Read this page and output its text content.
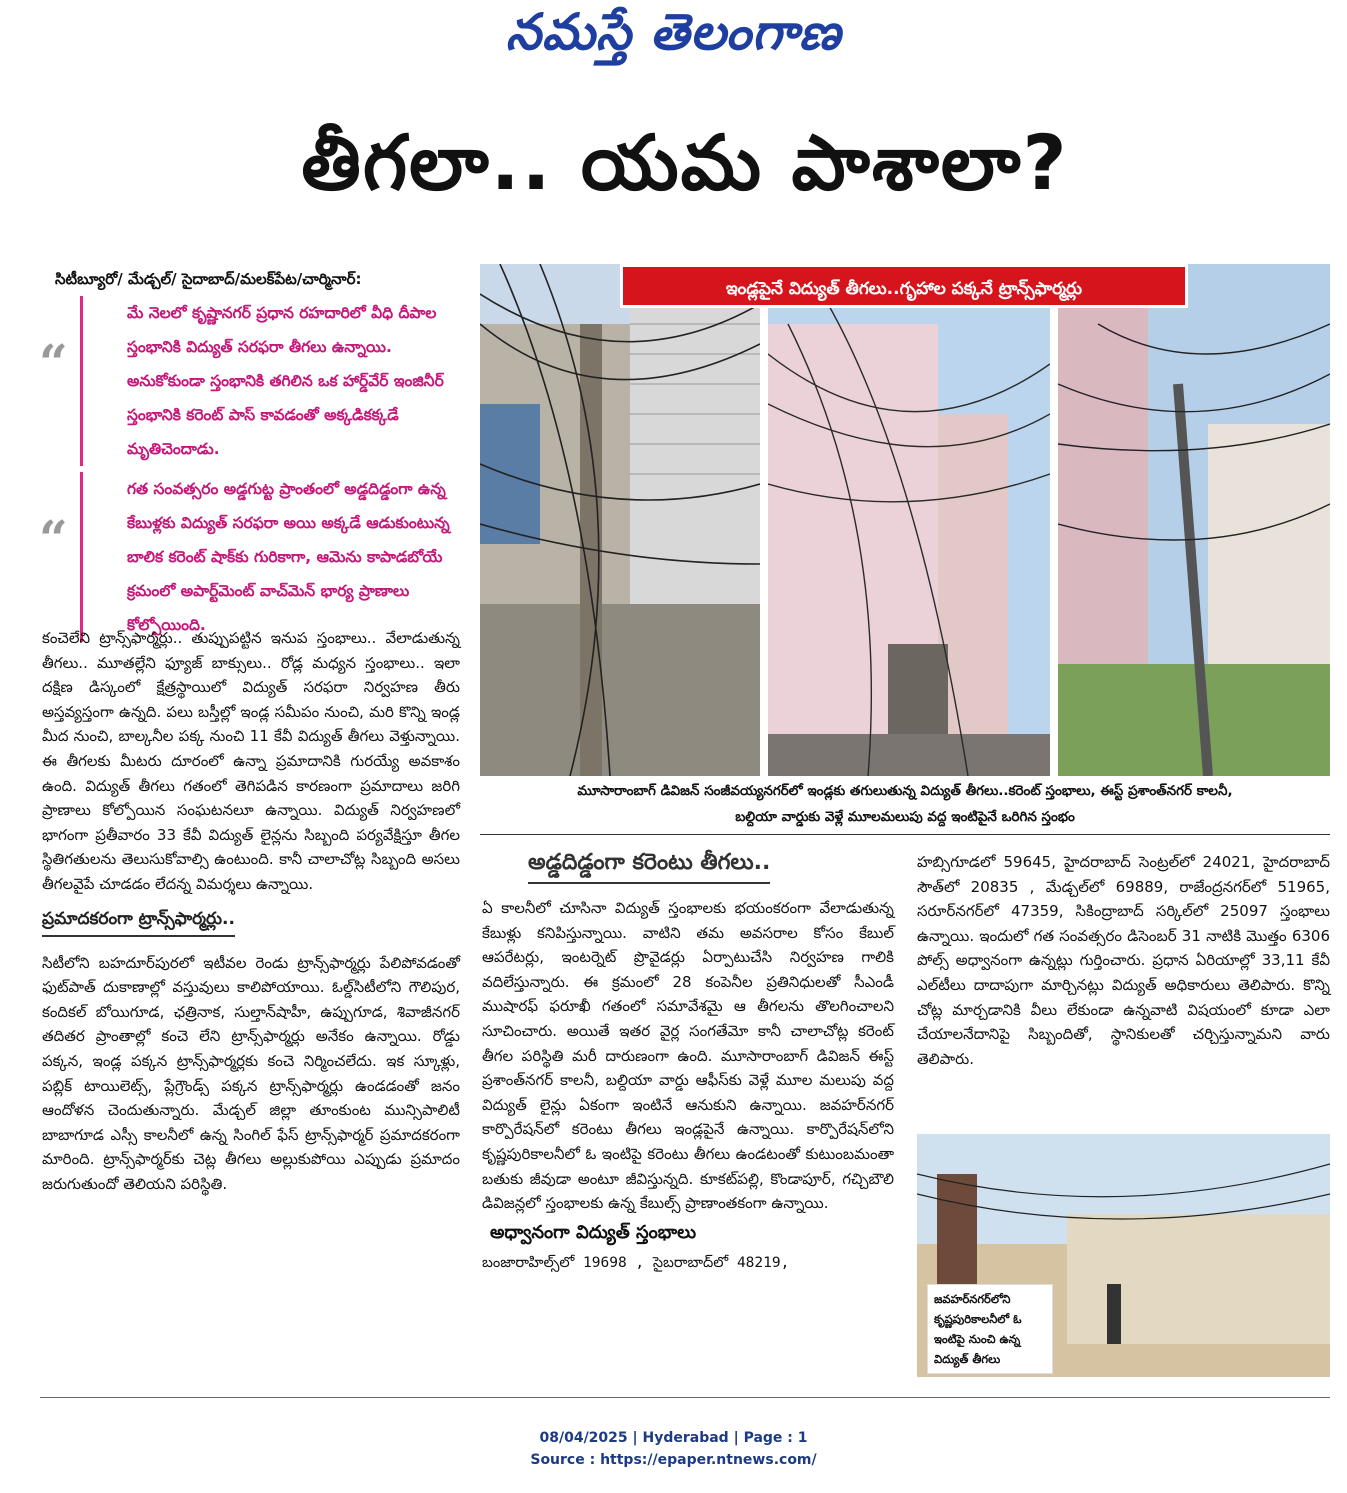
నమస్తే తెలంగాణ
తీగలా.. యమ పాశాలా?
సిటీబ్యూరో/ మేడ్చల్/ సైదాబాద్/మలక్‌పేట/చార్మినార్:
“
మే నెలలో కృష్ణానగర్ ప్రధాన రహదారిలో వీధి దీపాల స్తంభానికి విద్యుత్ సరఫరా తీగలు ఉన్నాయి. అనుకోకుండా స్తంభానికి తగిలిన ఒక హార్డ్‌వేర్ ఇంజినీర్ స్తంభానికి కరెంట్ పాస్ కావడంతో అక్కడికక్కడే మృతిచెందాడు.
“
గత సంవత్సరం అడ్డగుట్ట ప్రాంతంలో అడ్డదిడ్డంగా ఉన్న కేబుళ్లకు విద్యుత్ సరఫరా అయి అక్కడే ఆడుకుంటున్న బాలిక కరెంట్ షాక్‌కు గురికాగా, ఆమెను కాపాడబోయే క్రమంలో అపార్ట్‌మెంట్ వాచ్‌మెన్ భార్య ప్రాణాలు కోల్పోయింది.
కంచెలేని ట్రాన్స్‌ఫార్మర్లు.. తుప్పుపట్టిన ఇనుప స్తంభాలు.. వేలాడుతున్న తీగలు.. మూతల్లేని ఫ్యూజ్ బాక్సులు.. రోడ్ల మధ్యన స్తంభాలు.. ఇలా దక్షిణ డిస్కంలో క్షేత్రస్థాయిలో విద్యుత్ సరఫరా నిర్వహణ తీరు అస్తవ్యస్తంగా ఉన్నది. పలు బస్తీల్లో ఇండ్ల సమీపం నుంచి, మరి కొన్ని ఇండ్ల మీద నుంచి, బాల్కనీల పక్క నుంచి 11 కేవీ విద్యుత్ తీగలు వెళ్తున్నాయి. ఈ తీగలకు మీటరు దూరంలో ఉన్నా ప్రమాదానికి గురయ్యే అవకాశం ఉంది. విద్యుత్ తీగలు గతంలో తెగిపడిన కారణంగా ప్రమాదాలు జరిగి ప్రాణాలు కోల్పోయిన సంఘటనలూ ఉన్నాయి. విద్యుత్ నిర్వహణలో భాగంగా ప్రతీవారం 33 కేవీ విద్యుత్ లైన్లను సిబ్బంది పర్యవేక్షిస్తూ తీగల స్థితిగతులను తెలుసుకోవాల్సి ఉంటుంది. కానీ చాలాచోట్ల సిబ్బంది అసలు తీగలవైపే చూడడం లేదన్న విమర్శలు ఉన్నాయి.
ప్రమాదకరంగా ట్రాన్స్‌ఫార్మర్లు..
సిటీలోని బహదూర్‌పురలో ఇటీవల రెండు ట్రాన్స్‌ఫార్మర్లు పేలిపోవడంతో ఫుట్‌పాత్ దుకాణాల్లో వస్తువులు కాలిపోయాయి. ఓల్డ్‌సిటీలోని గౌలిపుర, కందికల్ బోయిగూడ, ఛత్రినాక, సుల్తాన్‌షాహీ, ఉప్పుగూడ, శివాజీనగర్ తదితర ప్రాంతాల్లో కంచె లేని ట్రాన్స్‌ఫార్మర్లు అనేకం ఉన్నాయి. రోడ్డు పక్కన, ఇండ్ల పక్కన ట్రాన్స్‌ఫార్మర్లకు కంచె నిర్మించలేదు. ఇక స్కూళ్లు, పబ్లిక్ టాయిలెట్స్, ప్లేగ్రౌండ్స్ పక్కన ట్రాన్స్‌ఫార్మర్లు ఉండడంతో జనం ఆందోళన చెందుతున్నారు. మేడ్చల్ జిల్లా తూంకుంట మున్సిపాలిటీ బాబాగూడ ఎస్సీ కాలనీలో ఉన్న సింగిల్ ఫేస్ ట్రాన్స్‌ఫార్మర్ ప్రమాదకరంగా మారింది. ట్రాన్స్‌ఫార్మర్‌కు చెట్ల తీగలు అల్లుకుపోయి ఎప్పుడు ప్రమాదం జరుగుతుందో తెలియని పరిస్థితి.
ఇండ్లపైనే విద్యుత్ తీగలు..గృహాల పక్కనే ట్రాన్స్‌ఫార్మర్లు
మూసారాంబాగ్ డివిజన్ సంజీవయ్యనగర్‌లో ఇండ్లకు తగులుతున్న విద్యుత్ తీగలు..కరెంట్ స్తంభాలు, ఈస్ట్ ప్రశాంత్‌నగర్ కాలనీ,
బల్దియా వార్డుకు వెళ్లే మూలమలుపు వద్ద ఇంటిపైనే ఒరిగిన స్తంభం
అడ్డదిడ్డంగా కరెంటు తీగలు..
ఏ కాలనీలో చూసినా విద్యుత్ స్తంభాలకు భయంకరంగా వేలాడుతున్న కేబుళ్లు కనిపిస్తున్నాయి. వాటిని తమ అవసరాల కోసం కేబుల్ ఆపరేటర్లు, ఇంటర్నెట్ ప్రొవైడర్లు ఏర్పాటుచేసి నిర్వహణ గాలికి వదిలేస్తున్నారు. ఈ క్రమంలో 28 కంపెనీల ప్రతినిధులతో సీఎండీ ముషారఫ్ ఫరూఖీ గతంలో సమావేశమై ఆ తీగలను తొలగించాలని సూచించారు. అయితే ఇతర వైర్ల సంగతేమో కానీ చాలాచోట్ల కరెంట్ తీగల పరిస్థితి మరీ దారుణంగా ఉంది. మూసారాంబాగ్ డివిజన్ ఈస్ట్ ప్రశాంత్‌నగర్ కాలనీ, బల్దియా వార్డు ఆఫీస్‌కు వెళ్లే మూల మలుపు వద్ద విద్యుత్ లైన్లు ఏకంగా ఇంటినే ఆనుకుని ఉన్నాయి. జవహర్‌నగర్ కార్పొరేషన్‌లో కరెంటు తీగలు ఇండ్లపైనే ఉన్నాయి. కార్పొరేషన్‌లోని కృష్ణపురికాలనీలో ఓ ఇంటిపై కరెంటు తీగలు ఉండటంతో కుటుంబమంతా బతుకు జీవుడా అంటూ జీవిస్తున్నది. కూకట్‌పల్లి, కొండాపూర్, గచ్చిబౌలి డివిజన్లలో స్తంభాలకు ఉన్న కేబుల్స్ ప్రాణాంతకంగా ఉన్నాయి.
అధ్వానంగా విద్యుత్ స్తంభాలు
బంజారాహిల్స్‌లో 19698 , సైబరాబాద్‌లో 48219,
హబ్సిగూడలో 59645, హైదరాబాద్ సెంట్రల్‌లో 24021, హైదరాబాద్ సౌత్‌లో 20835 , మేడ్చల్‌లో 69889, రాజేంద్రనగర్‌లో 51965, సరూర్‌నగర్‌లో 47359, సికింద్రాబాద్ సర్కిల్‌లో 25097 స్తంభాలు ఉన్నాయి. ఇందులో గత సంవత్సరం డిసెంబర్ 31 నాటికి మొత్తం 6306 పోల్స్ అధ్వానంగా ఉన్నట్లు గుర్తించారు. ప్రధాన ఏరియాల్లో 33,11 కేవీ ఎల్‌టీలు దాదాపుగా మార్చినట్లు విద్యుత్ అధికారులు తెలిపారు. కొన్ని చోట్ల మార్చడానికి వీలు లేకుండా ఉన్నవాటి విషయంలో కూడా ఎలా చేయాలనేదానిపై సిబ్బందితో, స్థానికులతో చర్చిస్తున్నామని వారు తెలిపారు.
జవహర్‌నగర్‌లోని కృష్ణపురికాలనీలో ఓ ఇంటిపై నుంచి ఉన్న విద్యుత్ తీగలు
08/04/2025 | Hyderabad | Page : 1
Source : https://epaper.ntnews.com/
